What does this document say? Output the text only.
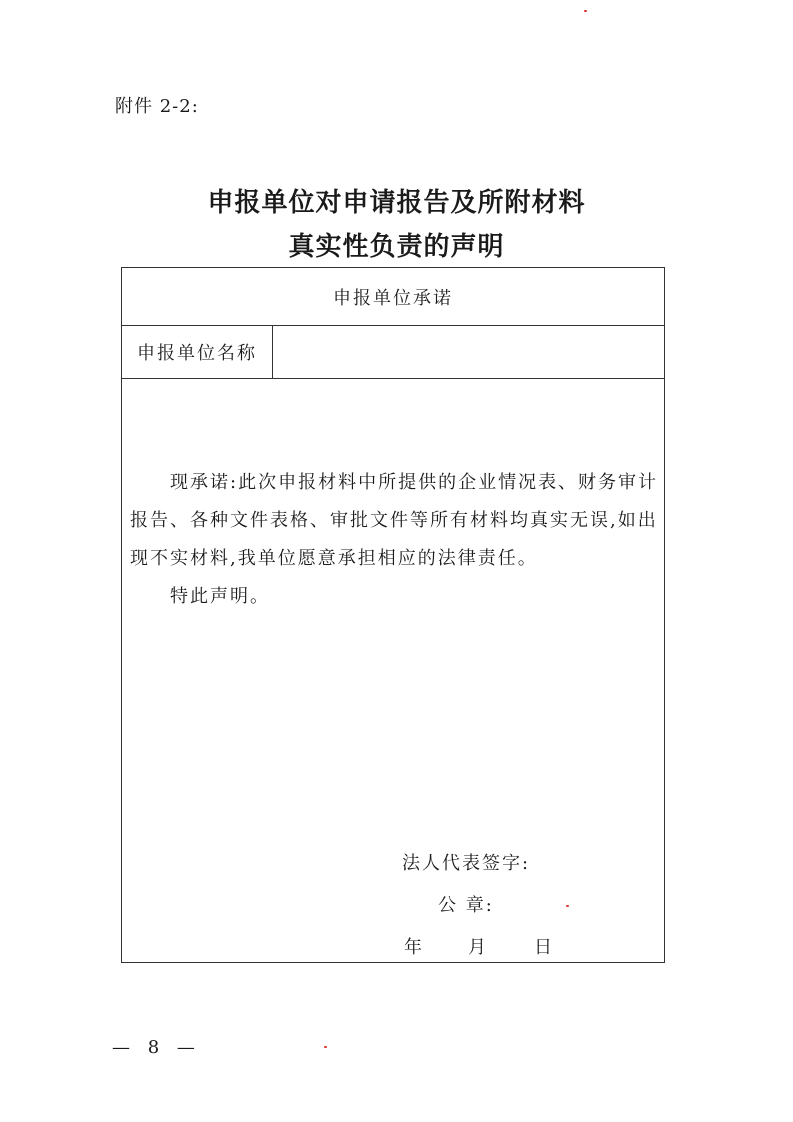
附件 2-2:
申报单位对申请报告及所附材料
真实性负责的声明
申报单位承诺
申报单位名称

现承诺:此次申报材料中所提供的企业情况表、财务审计报告、各种文件表格、审批文件等所有材料均真实无误,如出现不实材料,我单位愿意承担相应的法律责任。

特此声明。

法人代表签字:
公 章:
年 月	日
— 8 —
